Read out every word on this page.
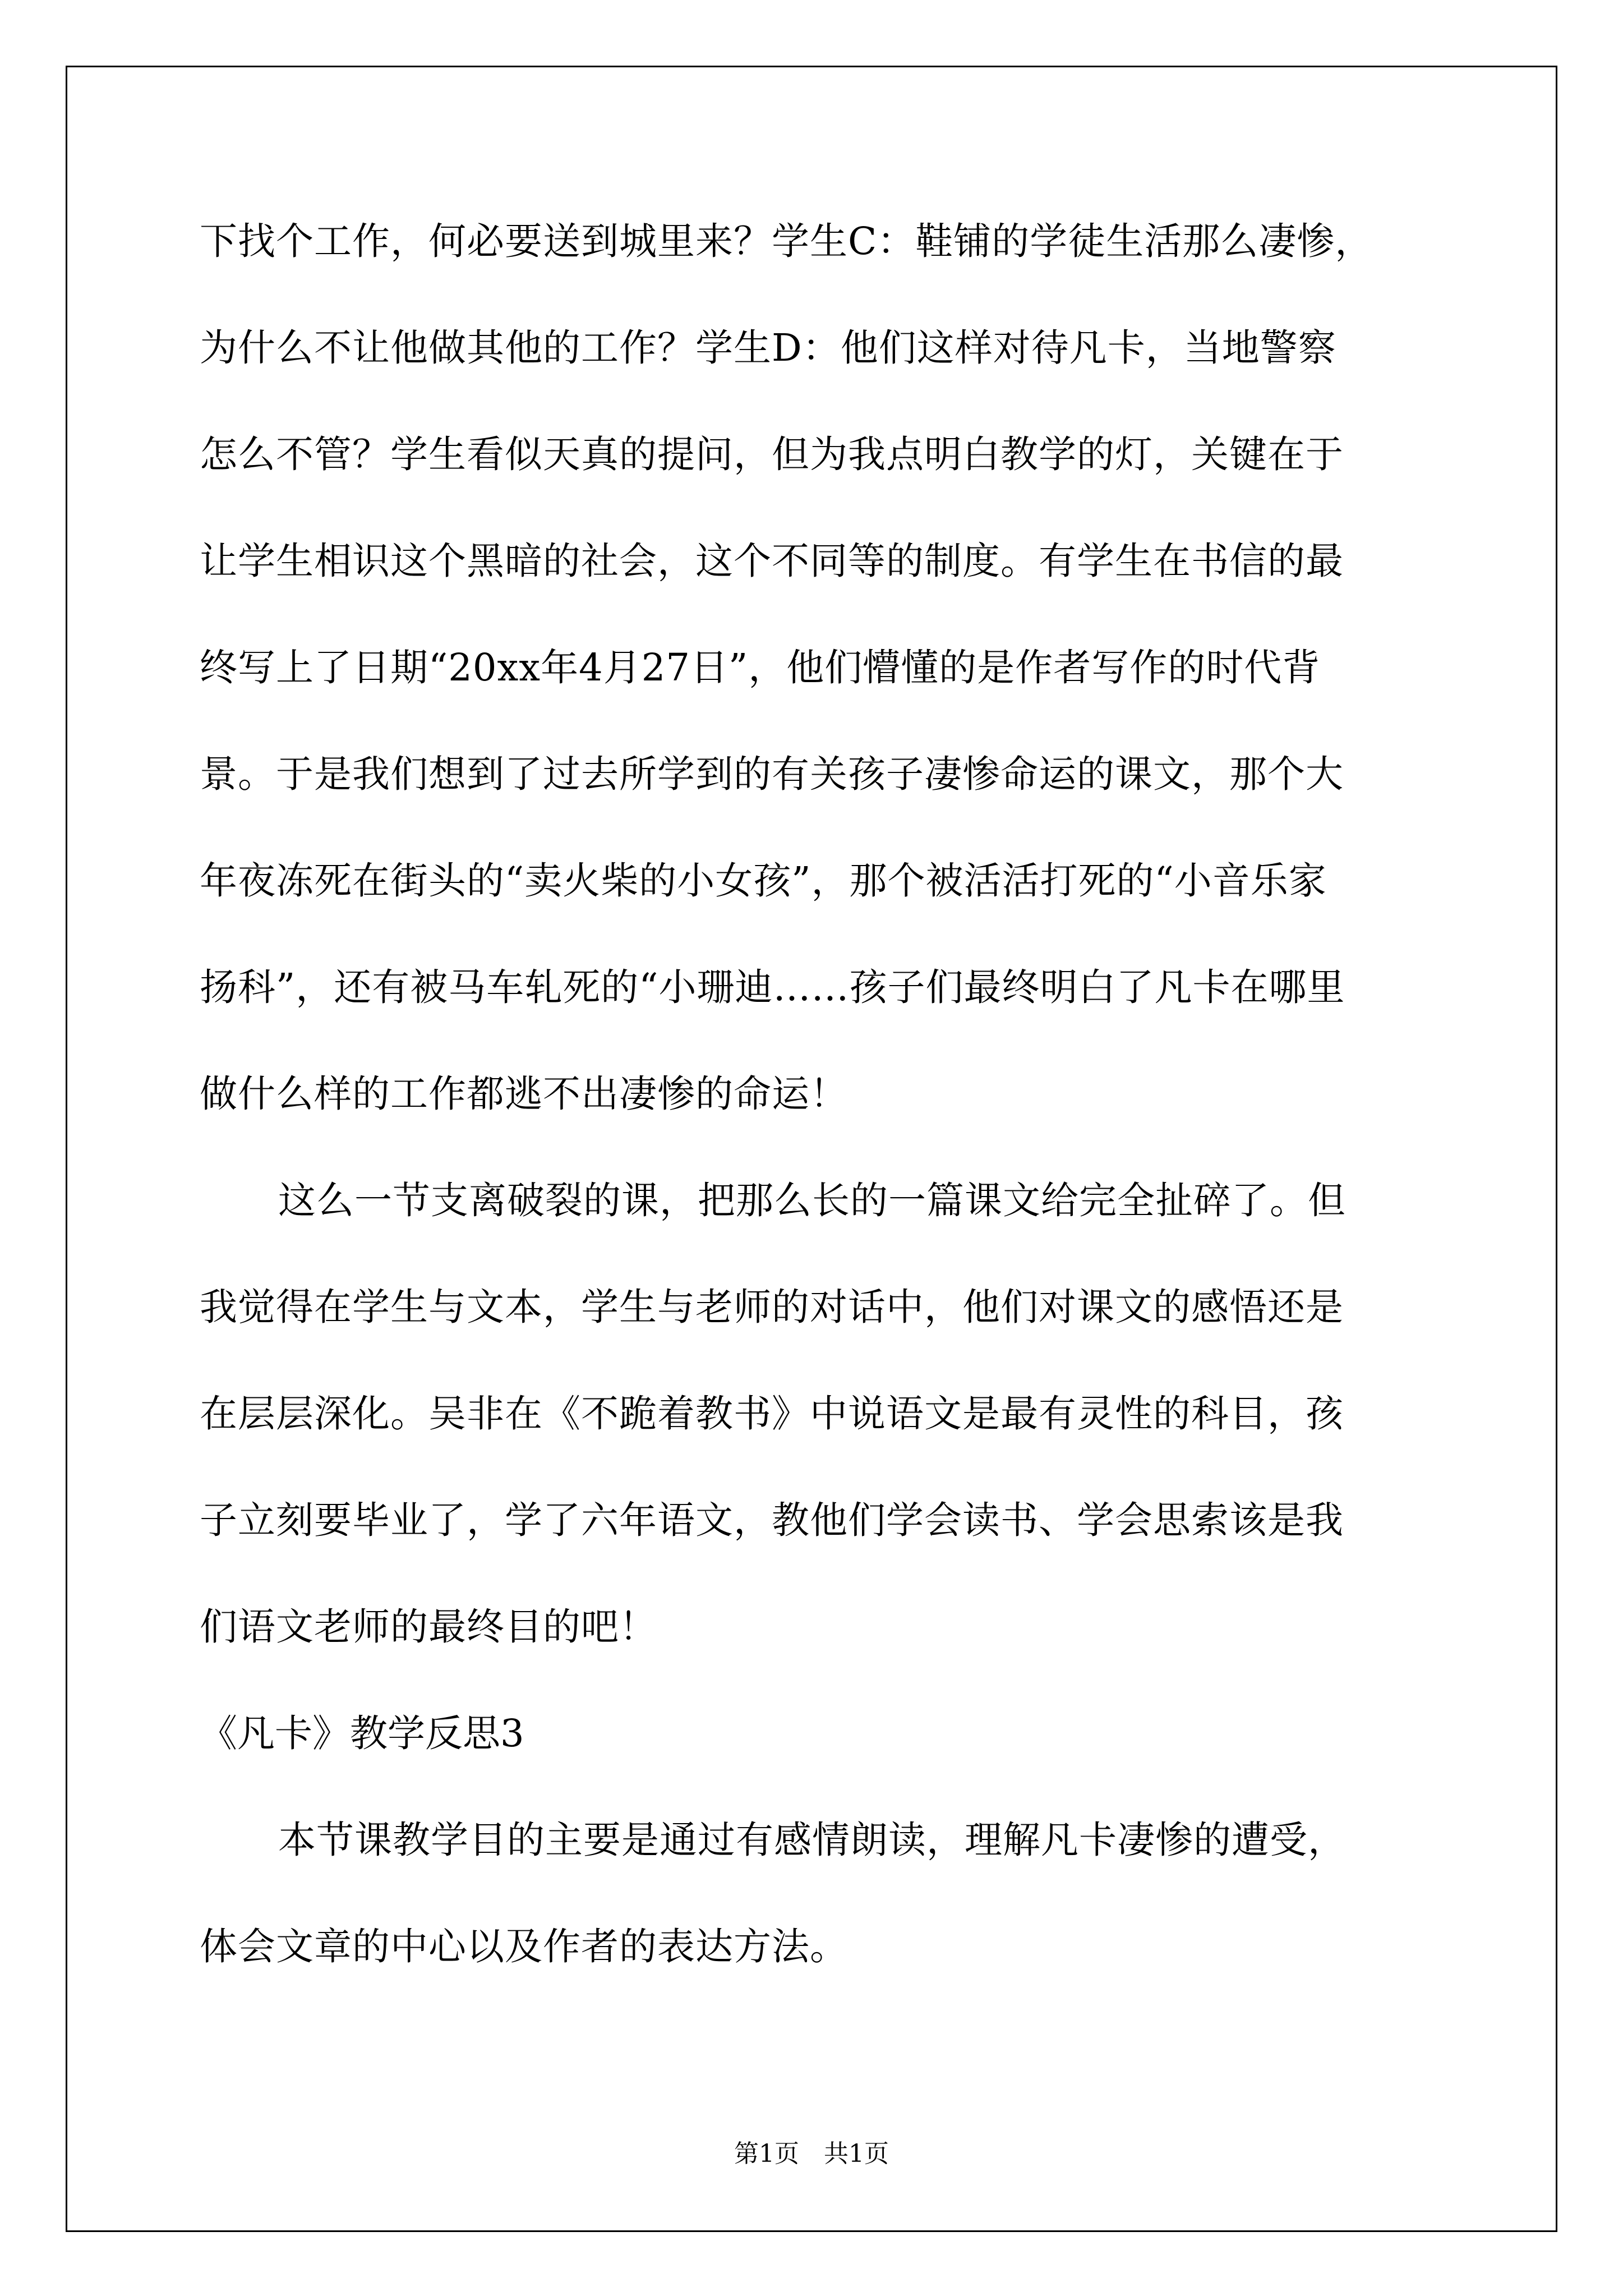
下找个工作，何必要送到城里来？学生C：鞋铺的学徒生活那么凄惨，
为什么不让他做其他的工作？学生D：他们这样对待凡卡，当地警察
怎么不管？学生看似天真的提问，但为我点明白教学的灯，关键在于
让学生相识这个黑暗的社会，这个不同等的制度。有学生在书信的最
终写上了日期“20xx年4月27日”，他们懵懂的是作者写作的时代背
景。于是我们想到了过去所学到的有关孩子凄惨命运的课文，那个大
年夜冻死在街头的“卖火柴的小女孩”，那个被活活打死的“小音乐家
扬科”，还有被马车轧死的“小珊迪……孩子们最终明白了凡卡在哪里
做什么样的工作都逃不出凄惨的命运！
这么一节支离破裂的课，把那么长的一篇课文给完全扯碎了。但
我觉得在学生与文本，学生与老师的对话中，他们对课文的感悟还是
在层层深化。吴非在《不跪着教书》中说语文是最有灵性的科目，孩
子立刻要毕业了，学了六年语文，教他们学会读书、学会思索该是我
们语文老师的最终目的吧！
《凡卡》教学反思3
本节课教学目的主要是通过有感情朗读，理解凡卡凄惨的遭受，
体会文章的中心以及作者的表达方法。
第1页　共1页
